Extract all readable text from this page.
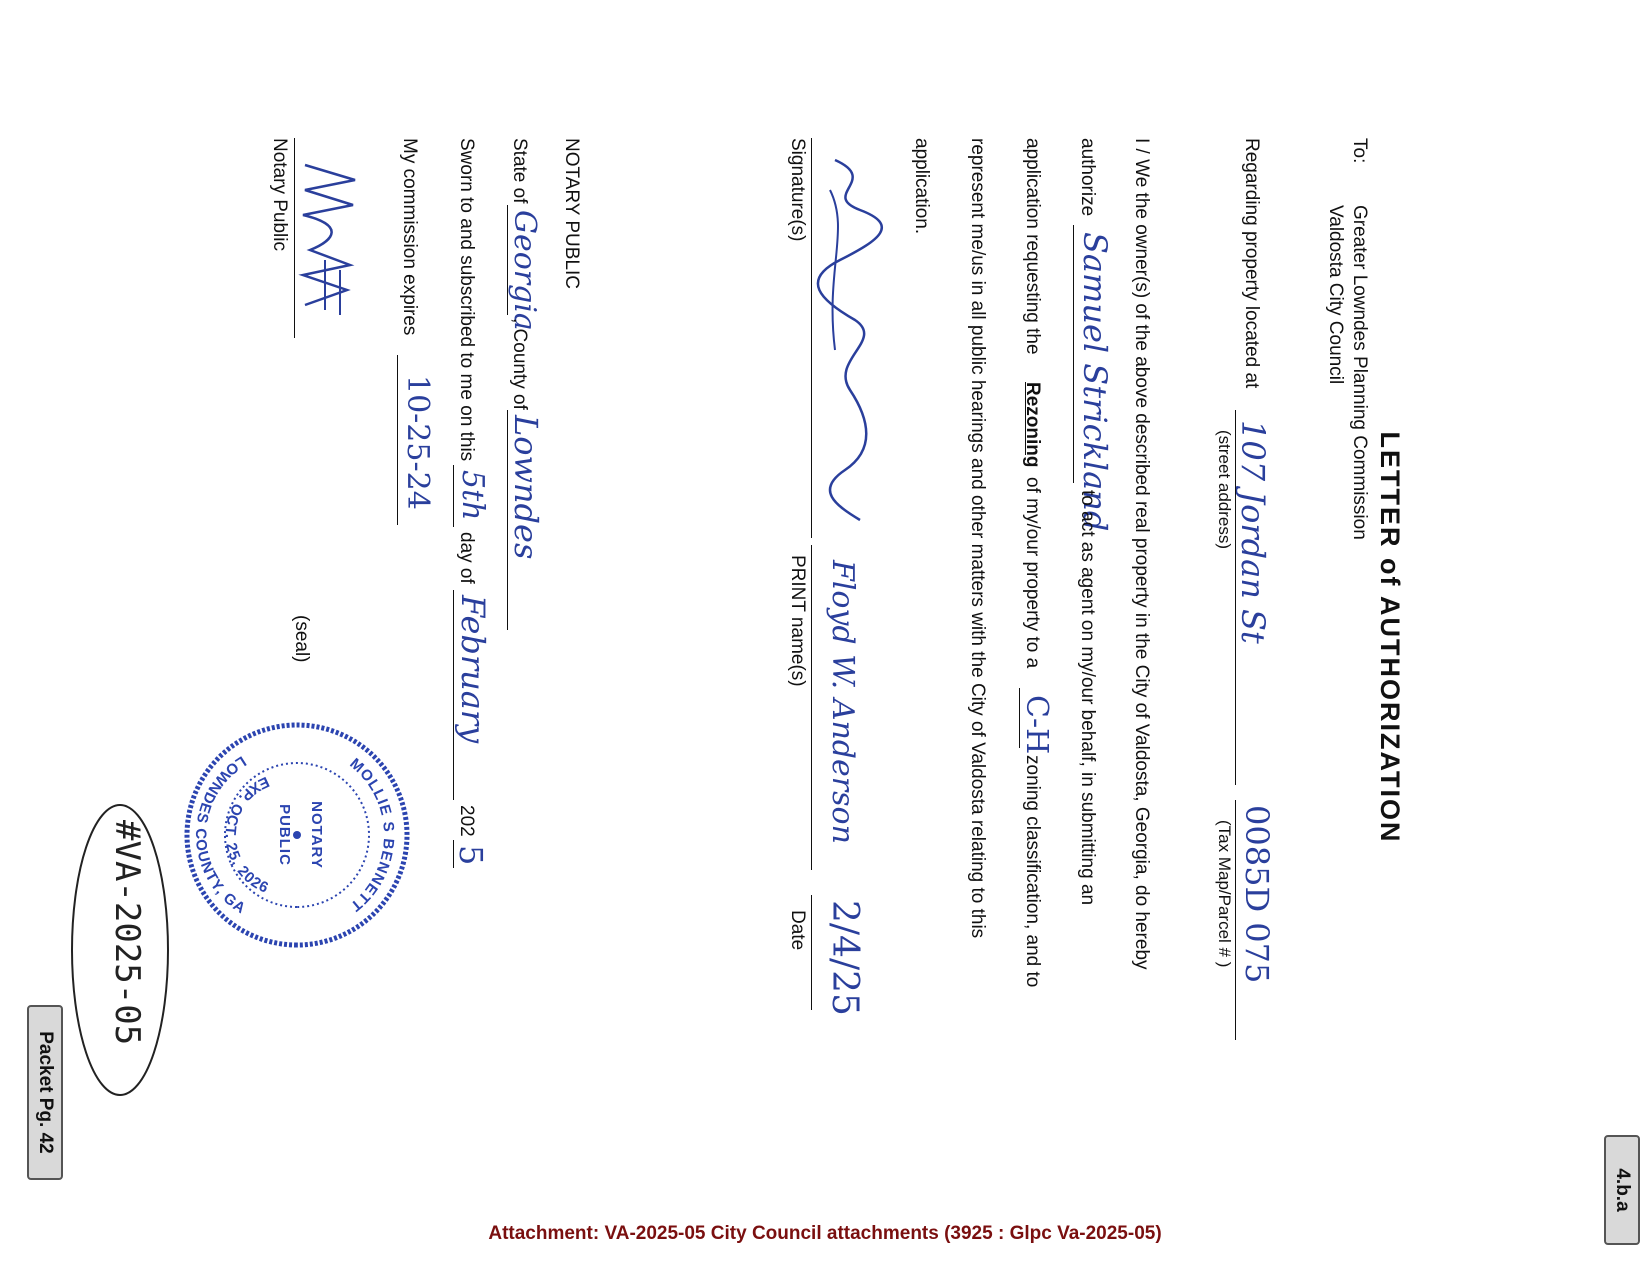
LETTER of AUTHORIZATION
To:
Greater Lowndes Planning Commission
Valdosta City Council
Regarding property located at
107 Jordan St
(street address)
0085D 075
(Tax Map/Parcel # )
I / We the owner(s) of the above described real property in the City of Valdosta, Georgia, do hereby
authorize
Samuel Strickland
to act as agent on my/our behalf, in submitting an
application requesting the
Rezoning
of my/our property to a
C-H
zoning classification, and to
represent me/us in all public hearings and other matters with the City of Valdosta relating to this
application.
Signature(s)
Floyd W. Anderson
PRINT name(s)
2/4/25
Date
NOTARY PUBLIC
State of
Georgia
, County of
Lowndes
Sworn to and subscribed to me on this
5th
day of
February
202
5
My commission expires
10-25-24
Notary Public
(seal)
MOLLIE S BENNETT
LOWNDES COUNTY, GA
EXP. OCT. 25, 2026
NOTARY
PUBLIC
#VA-2025-05
4.b.a
Packet Pg. 42
Attachment: VA-2025-05 City Council attachments (3925 : Glpc Va-2025-05)
